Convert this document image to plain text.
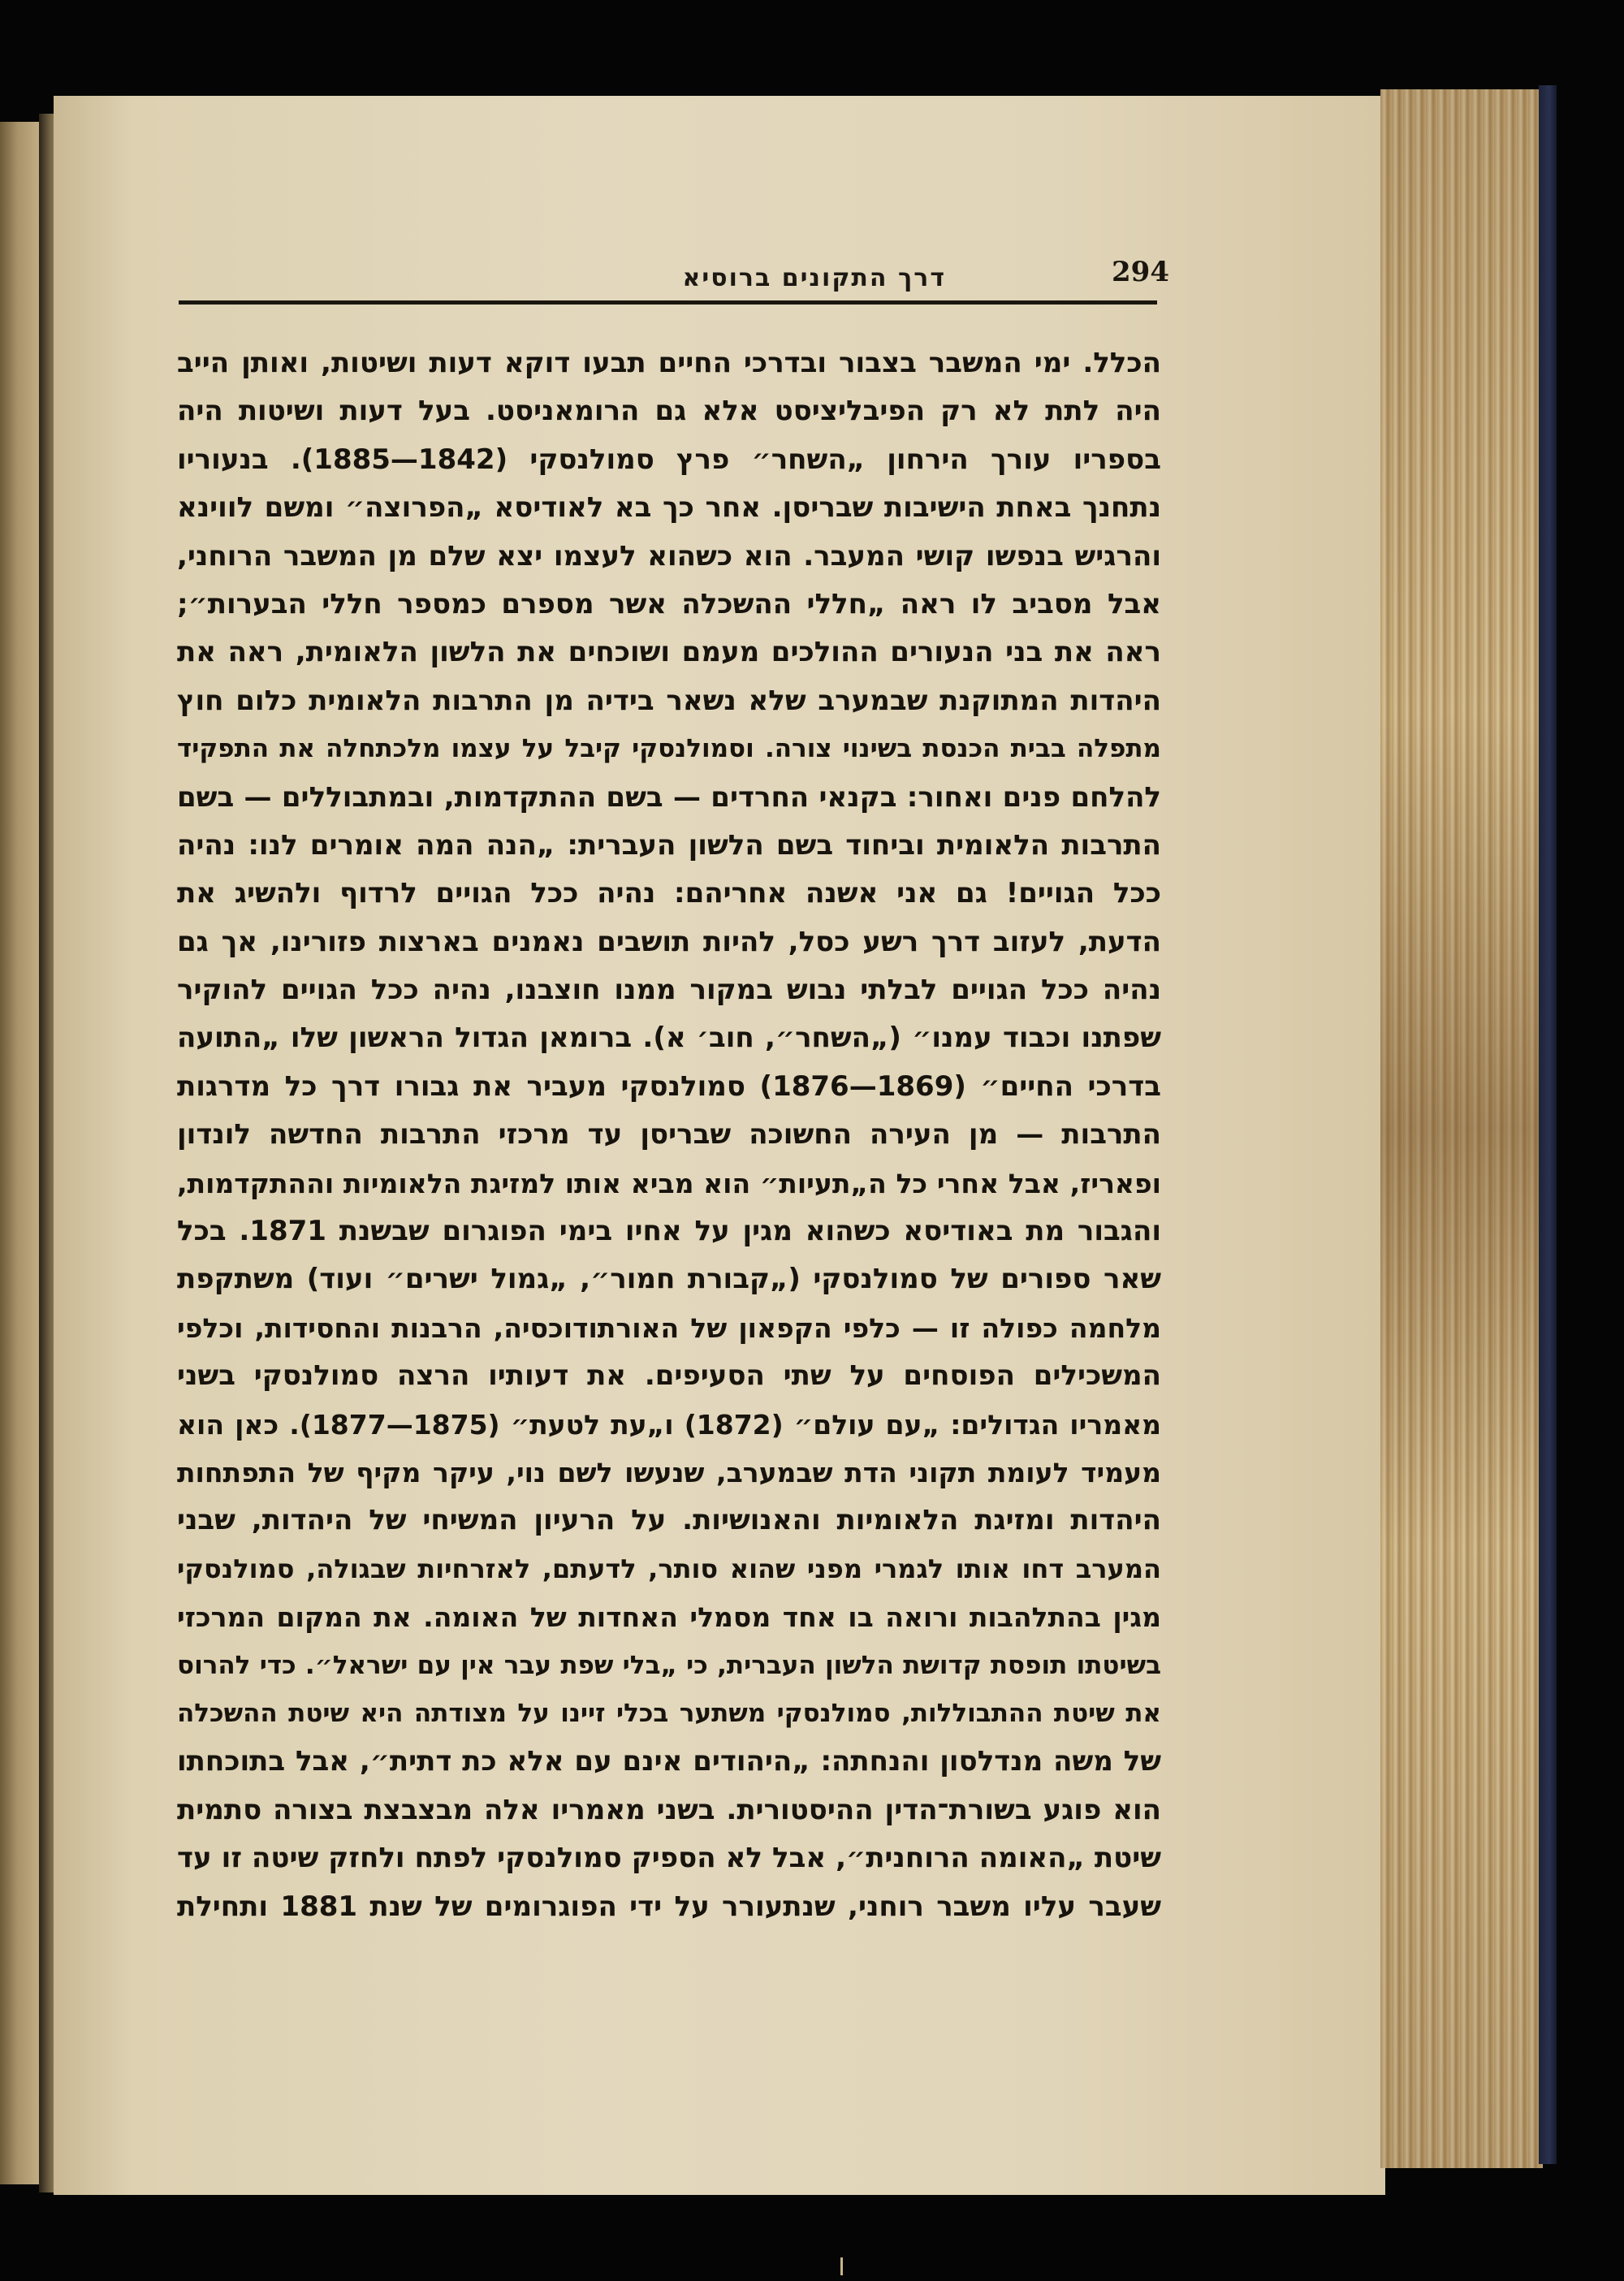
דרך התקונים ברוסיא	294
הכלל. ימי המשבר בצבור ובדרכי החיים תבעו דוקא דעות ושיטות, ואותן הייב
היה לתת לא רק הפיבליציסט אלא גם הרומאניסט. בעל דעות ושיטות היה
בספריו עורך הירחון „השחר״ פרץ סמולנסקי (1842—1885). בנעוריו
נתחנך באחת הישיבות שבריסן. אחר כך בא לאודיסא „הפרוצה״ ומשם לווינא
והרגיש בנפשו קושי המעבר. הוא כשהוא לעצמו יצא שלם מן המשבר הרוחני,
אבל מסביב לו ראה „חללי ההשכלה אשר מספרם כמספר חללי הבערות״;
ראה את בני הנעורים ההולכים מעמם ושוכחים את הלשון הלאומית, ראה את
היהדות המתוקנת שבמערב שלא נשאר בידיה מן התרבות הלאומית כלום חוץ
מתפלה בבית הכנסת בשינוי צורה. וסמולנסקי קיבל על עצמו מלכתחלה את התפקיד
להלחם פנים ואחור: בקנאי החרדים — בשם ההתקדמות, ובמתבוללים — בשם
התרבות הלאומית וביחוד בשם הלשון העברית: „הנה המה אומרים לנו: נהיה
ככל הגויים! גם אני אשנה אחריהם: נהיה ככל הגויים לרדוף ולהשיג את
הדעת, לעזוב דרך רשע כסל, להיות תושבים נאמנים בארצות פזורינו, אך גם
נהיה ככל הגויים לבלתי נבוש במקור ממנו חוצבנו, נהיה ככל הגויים להוקיר
שפתנו וכבוד עמנו״ („השחר״, חוב׳ א). ברומאן הגדול הראשון שלו „התועה
בדרכי החיים״ (1869—1876) סמולנסקי מעביר את גבורו דרך כל מדרגות
התרבות — מן העירה החשוכה שבריסן עד מרכזי התרבות החדשה לונדון
ופאריז, אבל אחרי כל ה„תעיות״ הוא מביא אותו למזיגת הלאומיות וההתקדמות,
והגבור מת באודיסא כשהוא מגין על אחיו בימי הפוגרום שבשנת 1871. בכל
שאר ספורים של סמולנסקי („קבורת חמור״, „גמול ישרים״ ועוד) משתקפת
מלחמה כפולה זו — כלפי הקפאון של האורתודוכסיה, הרבנות והחסידות, וכלפי
המשכילים הפוסחים על שתי הסעיפים. את דעותיו הרצה סמולנסקי בשני
מאמריו הגדולים: „עם עולם״ (1872) ו„עת לטעת״ (1875—1877). כאן הוא
מעמיד לעומת תקוני הדת שבמערב, שנעשו לשם נוי, עיקר מקיף של התפתחות
היהדות ומזיגת הלאומיות והאנושיות. על הרעיון המשיחי של היהדות, שבני
המערב דחו אותו לגמרי מפני שהוא סותר, לדעתם, לאזרחיות שבגולה, סמולנסקי
מגין בהתלהבות ורואה בו אחד מסמלי האחדות של האומה. את המקום המרכזי
בשיטתו תופסת קדושת הלשון העברית, כי „בלי שפת עבר אין עם ישראל״. כדי להרוס
את שיטת ההתבוללות, סמולנסקי משתער בכלי זיינו על מצודתה היא שיטת ההשכלה
של משה מנדלסון והנחתה: „היהודים אינם עם אלא כת דתית״, אבל בתוכחתו
הוא פוגע בשורת־הדין ההיסטורית. בשני מאמריו אלה מבצבצת בצורה סתמית
שיטת „האומה הרוחנית״, אבל לא הספיק סמולנסקי לפתח ולחזק שיטה זו עד
שעבר עליו משבר רוחני, שנתעורר על ידי הפוגרומים של שנת 1881 ותחילת
